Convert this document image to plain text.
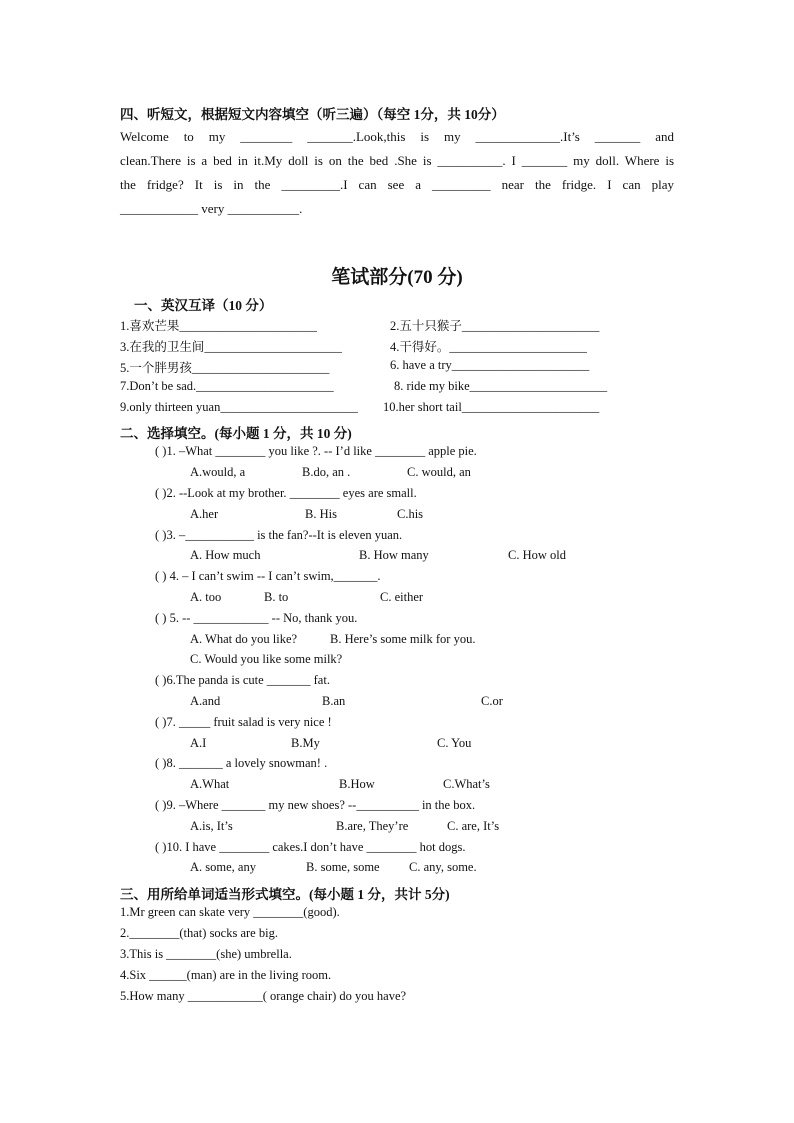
四、听短文，根据短文内容填空（听三遍）（每空 1分，共 10分）

Welcome to my ________ _______.Look,this is my _____________.It’s _______ and

clean.There is a bed in it.My doll is on the bed .She is __________. I _______ my doll. Where is

the fridge? It is in the _________.I can see a _________ near the fridge. I can play

____________ very ___________.

笔试部分(70 分)
一、英汉互译（10 分）
1.喜欢芒果______________________	2.五十只猴子______________________
3.在我的卫生间______________________	4.干得好。______________________
5.一个胖男孩______________________	6. have a try______________________
7.Don’t be sad.______________________	8. ride my bike______________________
9.only thirteen yuan______________________ 10.her short tail______________________
二、选择填空。(每小题 1 分，共 10 分)
( )1. –What ________ you like ?. -- I’d like ________ apple pie.
A.would, a	B.do, an .	C. would, an
( )2. --Look at my brother. ________ eyes are small.
A.her	B. His	C.his
( )3. –___________ is the fan?--It is eleven yuan.
A. How much	B. How many	C. How old
( ) 4. – I can’t swim -- I can’t swim,_______.
A. too	B. to	C. either
( ) 5. -- ____________ -- No, thank you.
A. What do you like?	B. Here’s some milk for you.
C. Would you like some milk?
( )6.The panda is cute _______ fat.
A.and	B.an	C.or
( )7. _____ fruit salad is very nice !
A.I	B.My	C. You
( )8. _______ a lovely snowman! .
A.What	B.How	C.What’s
( )9. –Where _______ my new shoes? --__________ in the box.
A.is, It’s	B.are, They’re	C. are, It’s
( )10. I have ________ cakes.I don’t have ________ hot dogs.
A. some, any	B. some, some C. any, some.
三、用所给单词适当形式填空。(每小题 1 分，共计 5分)
1.Mr green can skate very ________(good).
2.________(that) socks are big.
3.This is ________(she) umbrella.
4.Six ______(man) are in the living room.
5.How many ____________( orange chair) do you have?
